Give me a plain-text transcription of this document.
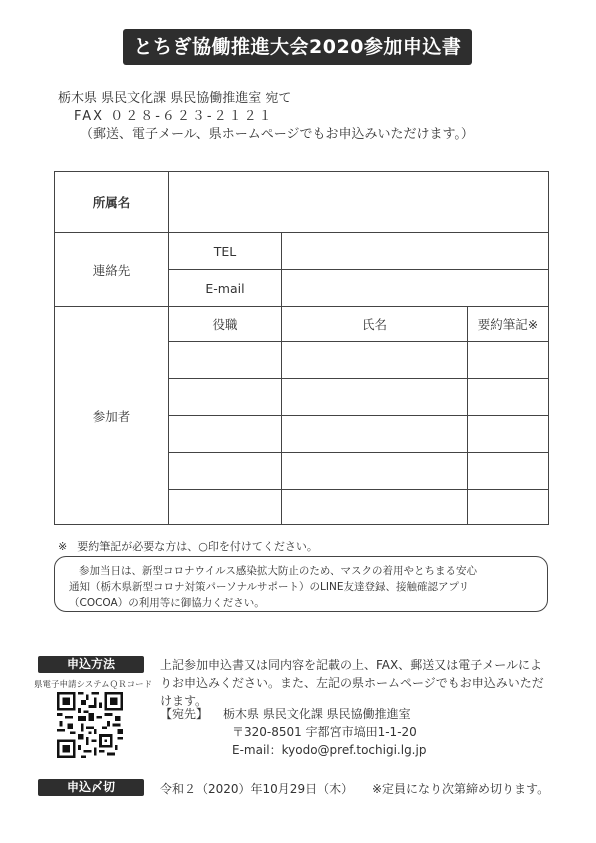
とちぎ協働推進大会2020参加申込書
栃木県 県民文化課 県民協働推進室 宛て
FAX ０２８-６２３-２１２１
（郵送、電子メール、県ホームページでもお申込みいただけます。）
所属名			
連絡先	TEL		
	E-mail		
参加者	役職	氏名	要約筆記※

※ 要約筆記が必要な方は、○印を付けてください。
参加当日は、新型コロナウイルス感染拡大防止のため、マスクの着用やとちまる安心
通知（栃木県新型コロナ対策パーソナルサポート）のLINE友達登録、接触確認アプリ
（COCOA）の利用等に御協力ください。
申込方法
県電子申請システムＱＲコード
上記参加申込書又は同内容を記載の上、FAX、郵送又は電子メールによ
りお申込みください。また、左記の県ホームページでもお申込みいただ
けます。
【宛先】 栃木県 県民文化課 県民協働推進室
〒320-8501 宇都宮市塙田1-1-20
E-mail：kyodo@pref.tochigi.lg.jp
申込〆切	令和２（2020）年10月29日（木） ※定員になり次第締め切ります。
